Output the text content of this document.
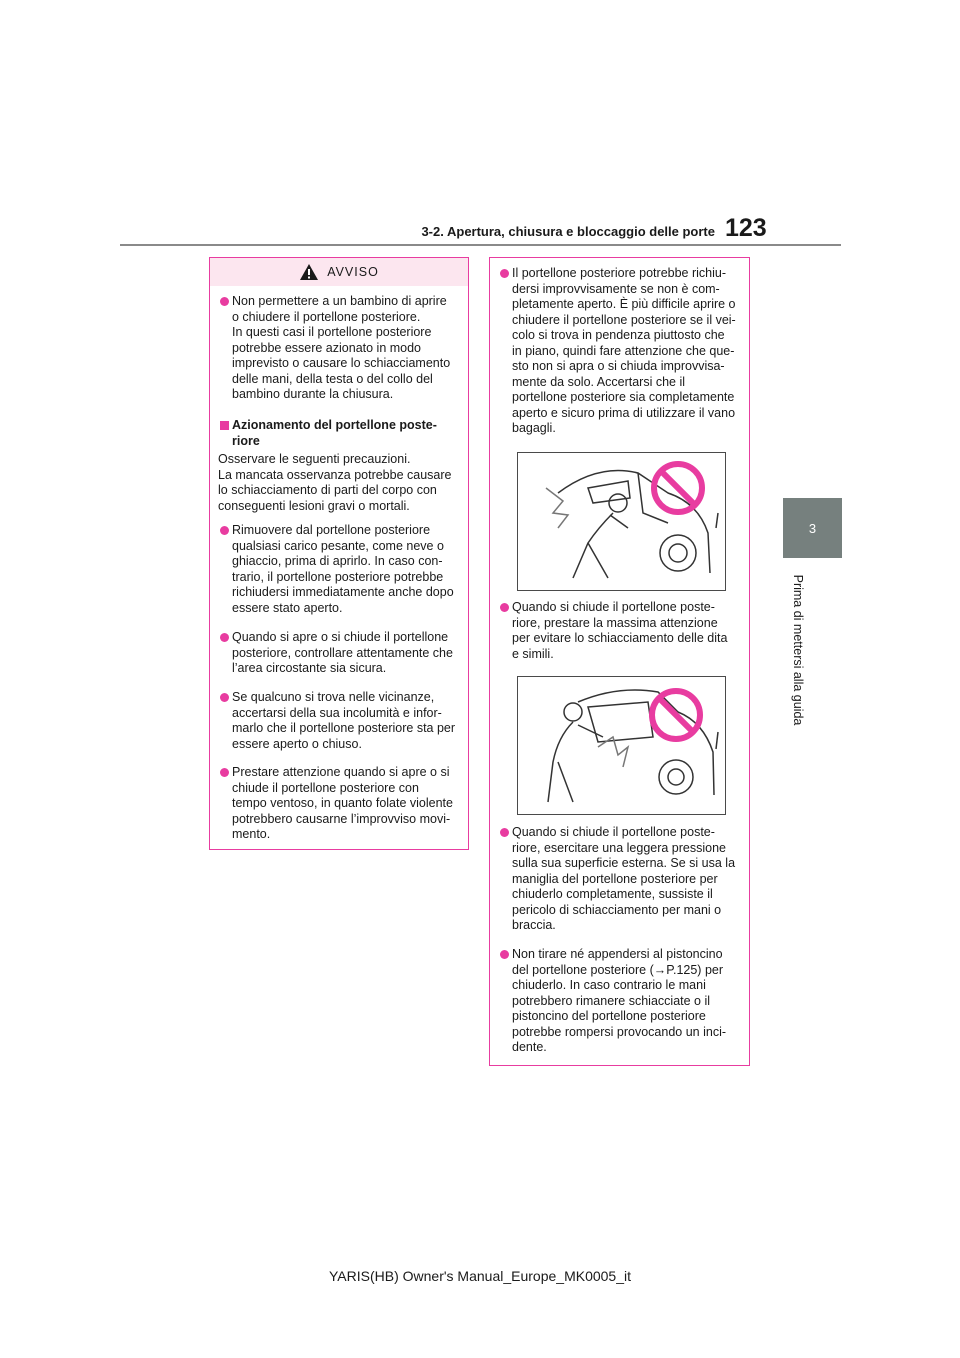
3-2. Apertura, chiusura e bloccaggio delle porte 123
3
Prima di mettersi alla guida
AVVISO
Non permettere a un bambino di aprire
o chiudere il portellone posteriore.
In questi casi il portellone posteriore
potrebbe essere azionato in modo
imprevisto o causare lo schiacciamento
delle mani, della testa o del collo del
bambino durante la chiusura.
Azionamento del portellone poste-
riore
Osservare le seguenti precauzioni.
La mancata osservanza potrebbe causare
lo schiacciamento di parti del corpo con
conseguenti lesioni gravi o mortali.
Rimuovere dal portellone posteriore
qualsiasi carico pesante, come neve o
ghiaccio, prima di aprirlo. In caso con-
trario, il portellone posteriore potrebbe
richiudersi immediatamente anche dopo
essere stato aperto.
Quando si apre o si chiude il portellone
posteriore, controllare attentamente che
l’area circostante sia sicura.
Se qualcuno si trova nelle vicinanze,
accertarsi della sua incolumità e infor-
marlo che il portellone posteriore sta per
essere aperto o chiuso.
Prestare attenzione quando si apre o si
chiude il portellone posteriore con
tempo ventoso, in quanto folate violente
potrebbero causarne l’improvviso movi-
mento.
Il portellone posteriore potrebbe richiu-
dersi improvvisamente se non è com-
pletamente aperto. È più difficile aprire o
chiudere il portellone posteriore se il vei-
colo si trova in pendenza piuttosto che
in piano, quindi fare attenzione che que-
sto non si apra o si chiuda improvvisa-
mente da solo. Accertarsi che il
portellone posteriore sia completamente
aperto e sicuro prima di utilizzare il vano
bagagli.
Quando si chiude il portellone poste-
riore, prestare la massima attenzione
per evitare lo schiacciamento delle dita
e simili.
Quando si chiude il portellone poste-
riore, esercitare una leggera pressione
sulla sua superficie esterna. Se si usa la
maniglia del portellone posteriore per
chiuderlo completamente, sussiste il
pericolo di schiacciamento per mani o
braccia.
Non tirare né appendersi al pistoncino
del portellone posteriore (→P.125) per
chiuderlo. In caso contrario le mani
potrebbero rimanere schiacciate o il
pistoncino del portellone posteriore
potrebbe rompersi provocando un inci-
dente.
YARIS(HB) Owner's Manual_Europe_MK0005_it
